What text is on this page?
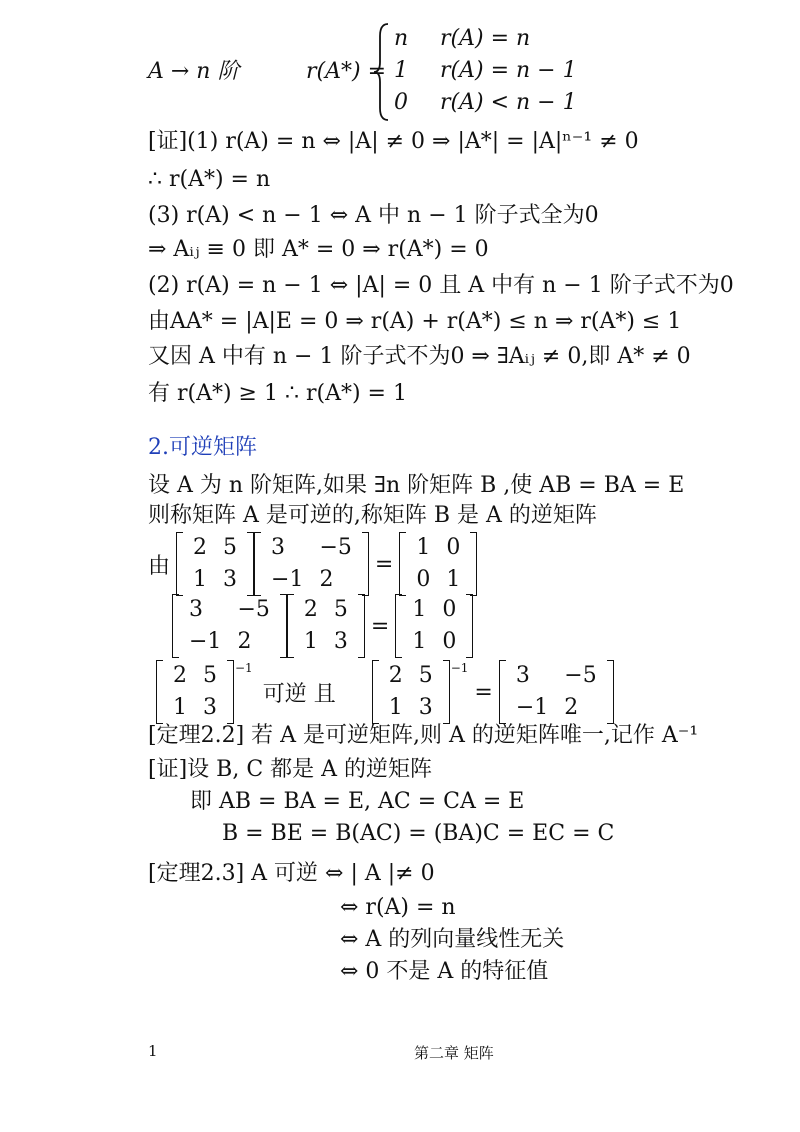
A → n 阶	r(A*) =
n r(A) = n
1 r(A) = n − 1
0 r(A) < n − 1
[证](1) r(A) = n ⇔ |A| ≠ 0 ⇒ |A*| = |A|ⁿ⁻¹ ≠ 0
∴ r(A*) = n
(3) r(A) < n − 1 ⇔ A 中 n − 1 阶子式全为0
⇒ Aᵢⱼ ≡ 0 即 A* = 0 ⇒ r(A*) = 0
(2) r(A) = n − 1 ⇔ |A| = 0 且 A 中有 n − 1 阶子式不为0
由AA* = |A|E = 0 ⇒ r(A) + r(A*) ≤ n ⇒ r(A*) ≤ 1
又因 A 中有 n − 1 阶子式不为0 ⇒ ∃Aᵢⱼ ≠ 0,即 A* ≠ 0
有 r(A*) ≥ 1 ∴ r(A*) = 1
2.可逆矩阵
设 A 为 n 阶矩阵,如果 ∃n 阶矩阵 B ,使 AB = BA = E
则称矩阵 A 是可逆的,称矩阵 B 是 A 的逆矩阵
由
2	5
1	3
3	−5
−1	2
=
1	0
0	1
3	−5
−1	2
2	5
1	3
=
1	0
1	0
2	5
1	3
−1
可逆 且
2	5
1	3
−1
=
3	−5
−1	2
[定理2.2] 若 A 是可逆矩阵,则 A 的逆矩阵唯一,记作 A⁻¹
[证]设 B, C 都是 A 的逆矩阵
即 AB = BA = E, AC = CA = E
B = BE = B(AC) = (BA)C = EC = C
[定理2.3] A 可逆 ⇔ | A |≠ 0
⇔ r(A) = n
⇔ A 的列向量线性无关
⇔ 0 不是 A 的特征值
1	第二章 矩阵
